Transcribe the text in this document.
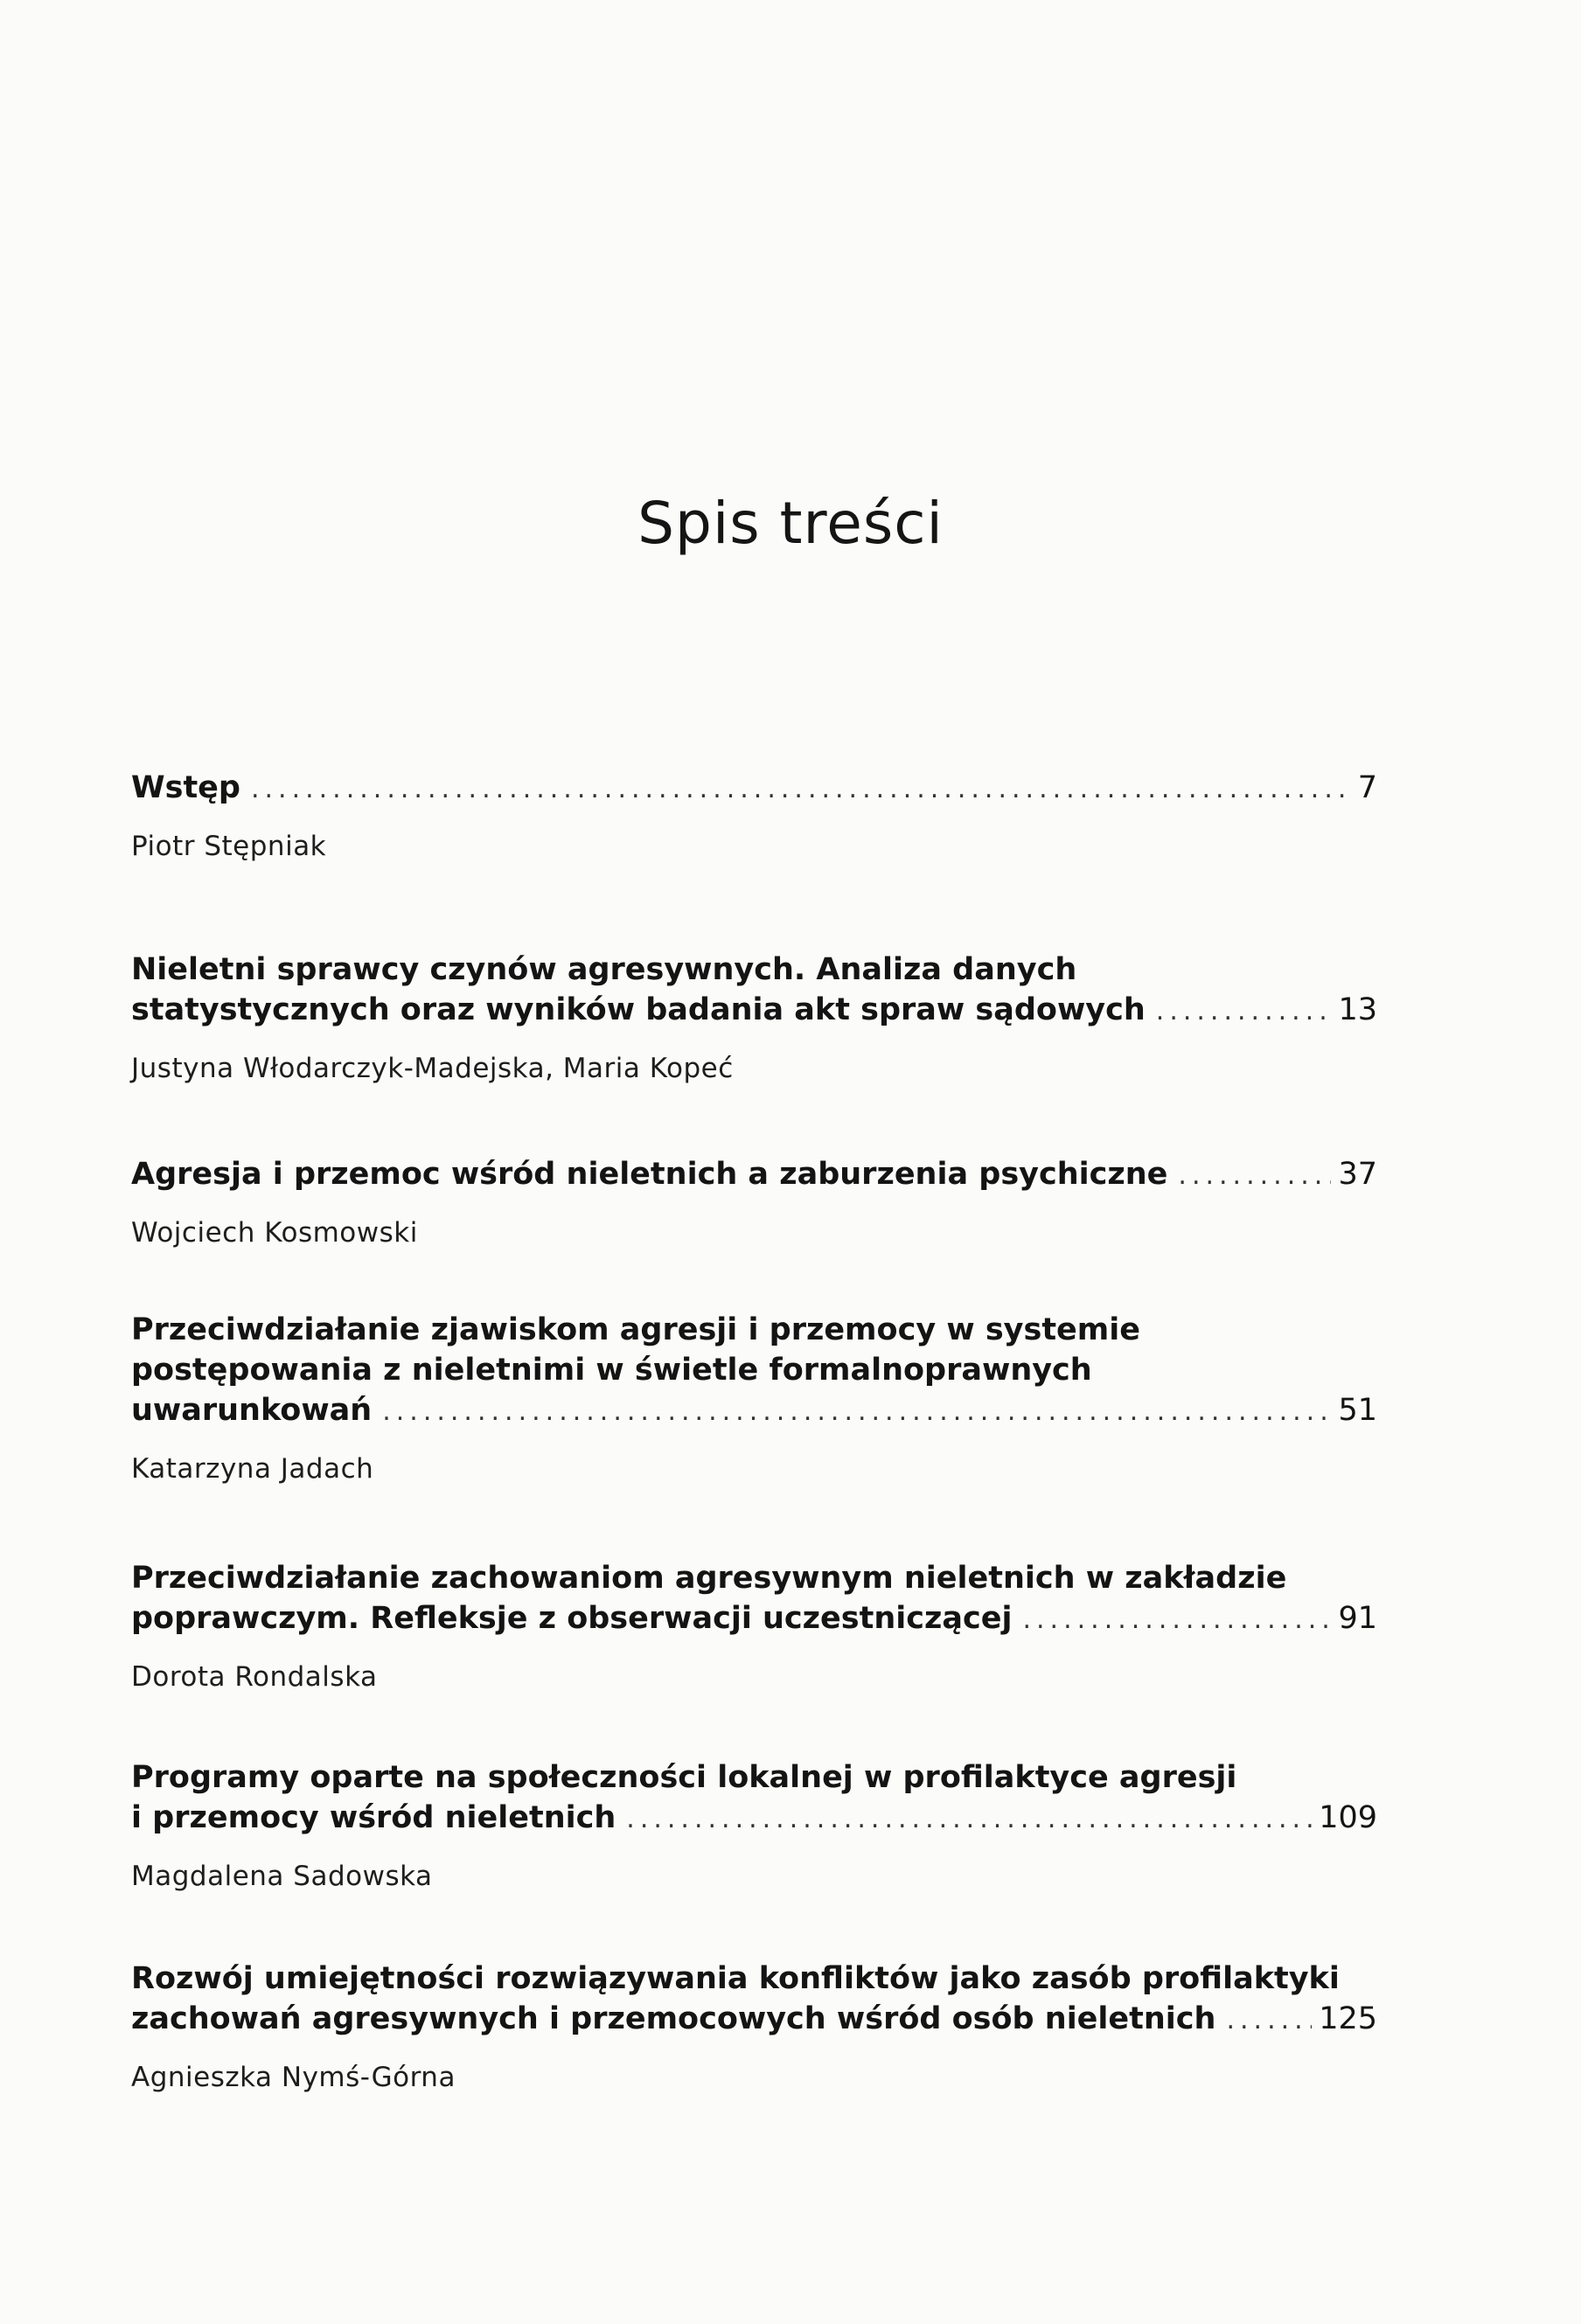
Spis treści
Wstęp .....	7
Piotr Stępniak
Nieletni sprawcy czynów agresywnych. Analiza danych
statystycznych oraz wyników badania akt spraw sądowych .....	13
Justyna Włodarczyk-Madejska, Maria Kopeć
Agresja i przemoc wśród nieletnich a zaburzenia psychiczne .....	37
Wojciech Kosmowski
Przeciwdziałanie zjawiskom agresji i przemocy w systemie
postępowania z nieletnimi w świetle formalnoprawnych
uwarunkowań .....	51
Katarzyna Jadach
Przeciwdziałanie zachowaniom agresywnym nieletnich w zakładzie
poprawczym. Refleksje z obserwacji uczestniczącej .....	91
Dorota Rondalska
Programy oparte na społeczności lokalnej w profilaktyce agresji
i przemocy wśród nieletnich .....	109
Magdalena Sadowska
Rozwój umiejętności rozwiązywania konfliktów jako zasób profilaktyki
zachowań agresywnych i przemocowych wśród osób nieletnich .....	125
Agnieszka Nymś-Górna
